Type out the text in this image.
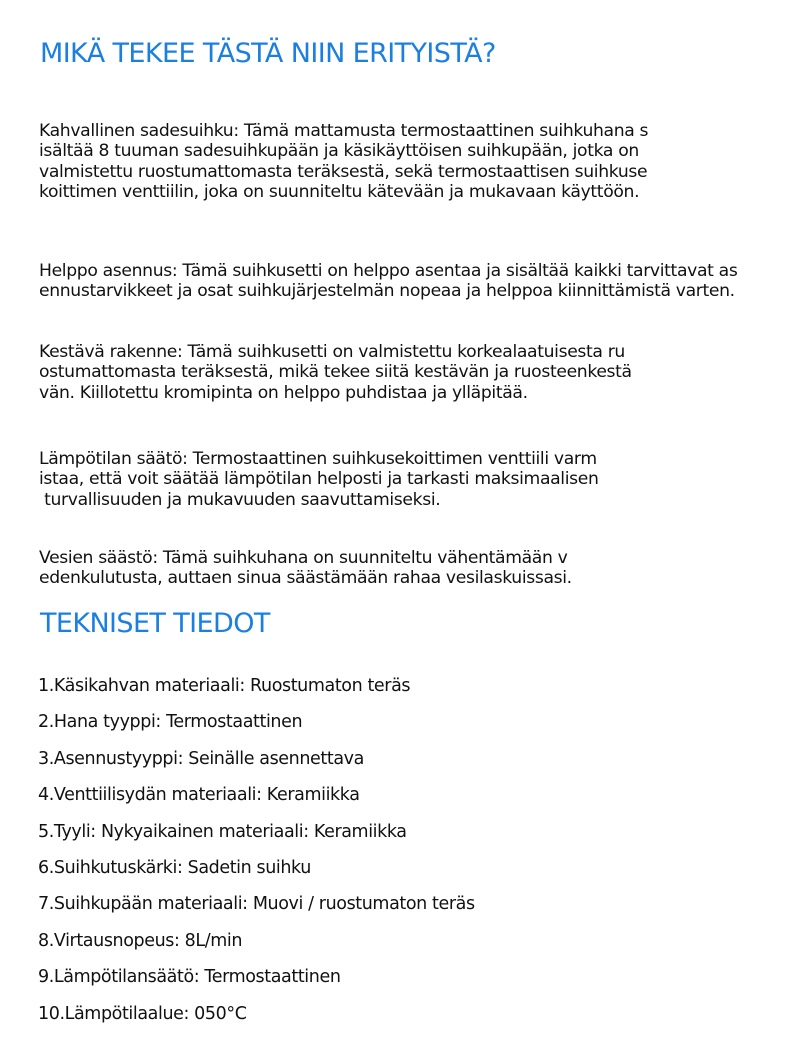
MIKÄ TEKEE TÄSTÄ NIIN ERITYISTÄ?

Kahvallinen sadesuihku: Tämä mattamusta termostaattinen suihkuhana s
isältää 8 tuuman sadesuihkupään ja käsikäyttöisen suihkupään, jotka on
valmistettu ruostumattomasta teräksestä, sekä termostaattisen suihkuse
koittimen venttiilin, joka on suunniteltu kätevään ja mukavaan käyttöön.

Helppo asennus: Tämä suihkusetti on helppo asentaa ja sisältää kaikki tarvittavat as
ennustarvikkeet ja osat suihkujärjestelmän nopeaa ja helppoa kiinnittämistä varten.

Kestävä rakenne: Tämä suihkusetti on valmistettu korkealaatuisesta ru
ostumattomasta teräksestä, mikä tekee siitä kestävän ja ruosteenkestä
vän. Kiillotettu kromipinta on helppo puhdistaa ja ylläpitää.

Lämpötilan säätö: Termostaattinen suihkusekoittimen venttiili varm
istaa, että voit säätää lämpötilan helposti ja tarkasti maksimaalisen
turvallisuuden ja mukavuuden saavuttamiseksi.

Vesien säästö: Tämä suihkuhana on suunniteltu vähentämään v
edenkulutusta, auttaen sinua säästämään rahaa vesilaskuissasi.

TEKNISET TIEDOT
1.Käsikahvan materiaali: Ruostumaton teräs
2.Hana tyyppi: Termostaattinen
3.Asennustyyppi: Seinälle asennettava
4.Venttiilisydän materiaali: Keramiikka
5.Tyyli: Nykyaikainen materiaali: Keramiikka
6.Suihkutuskärki: Sadetin suihku
7.Suihkupään materiaali: Muovi / ruostumaton teräs
8.Virtausnopeus: 8L/min
9.Lämpötilansäätö: Termostaattinen
10.Lämpötilaalue: 050°C
